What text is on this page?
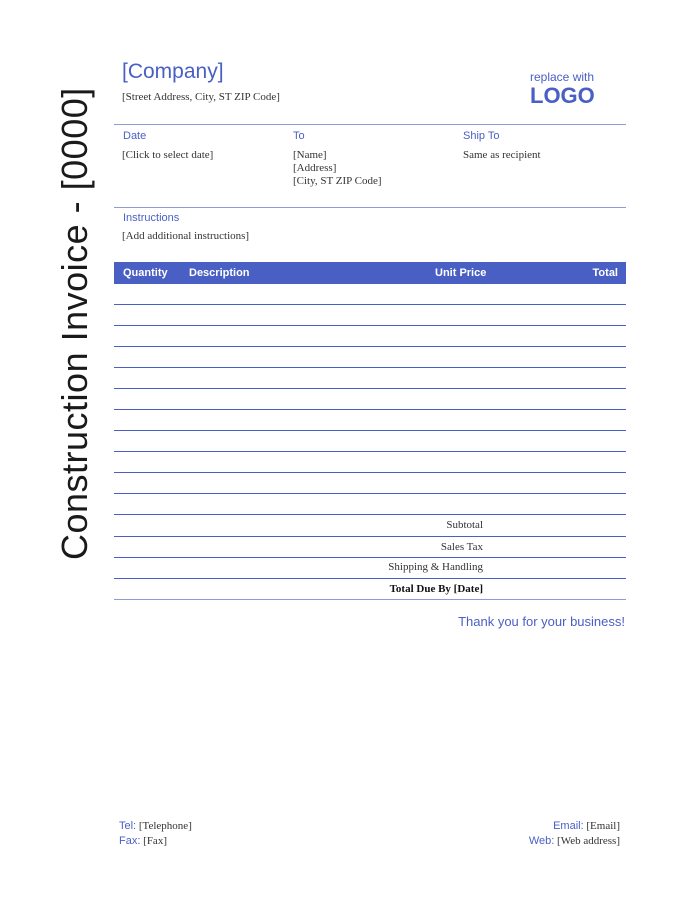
Construction Invoice - [0000]
[Company]
[Street Address, City, ST ZIP Code]
replace with
LOGO
Date
[Click to select date]
To
[Name]
[Address]
[City, ST ZIP Code]
Ship To
Same as recipient
Instructions
[Add additional instructions]
Quantity Description	Unit Price	Total
Subtotal
Sales Tax
Shipping & Handling
Total Due By [Date]
Thank you for your business!
Tel: [Telephone]
Fax: [Fax]
Email: [Email]
Web: [Web address]
